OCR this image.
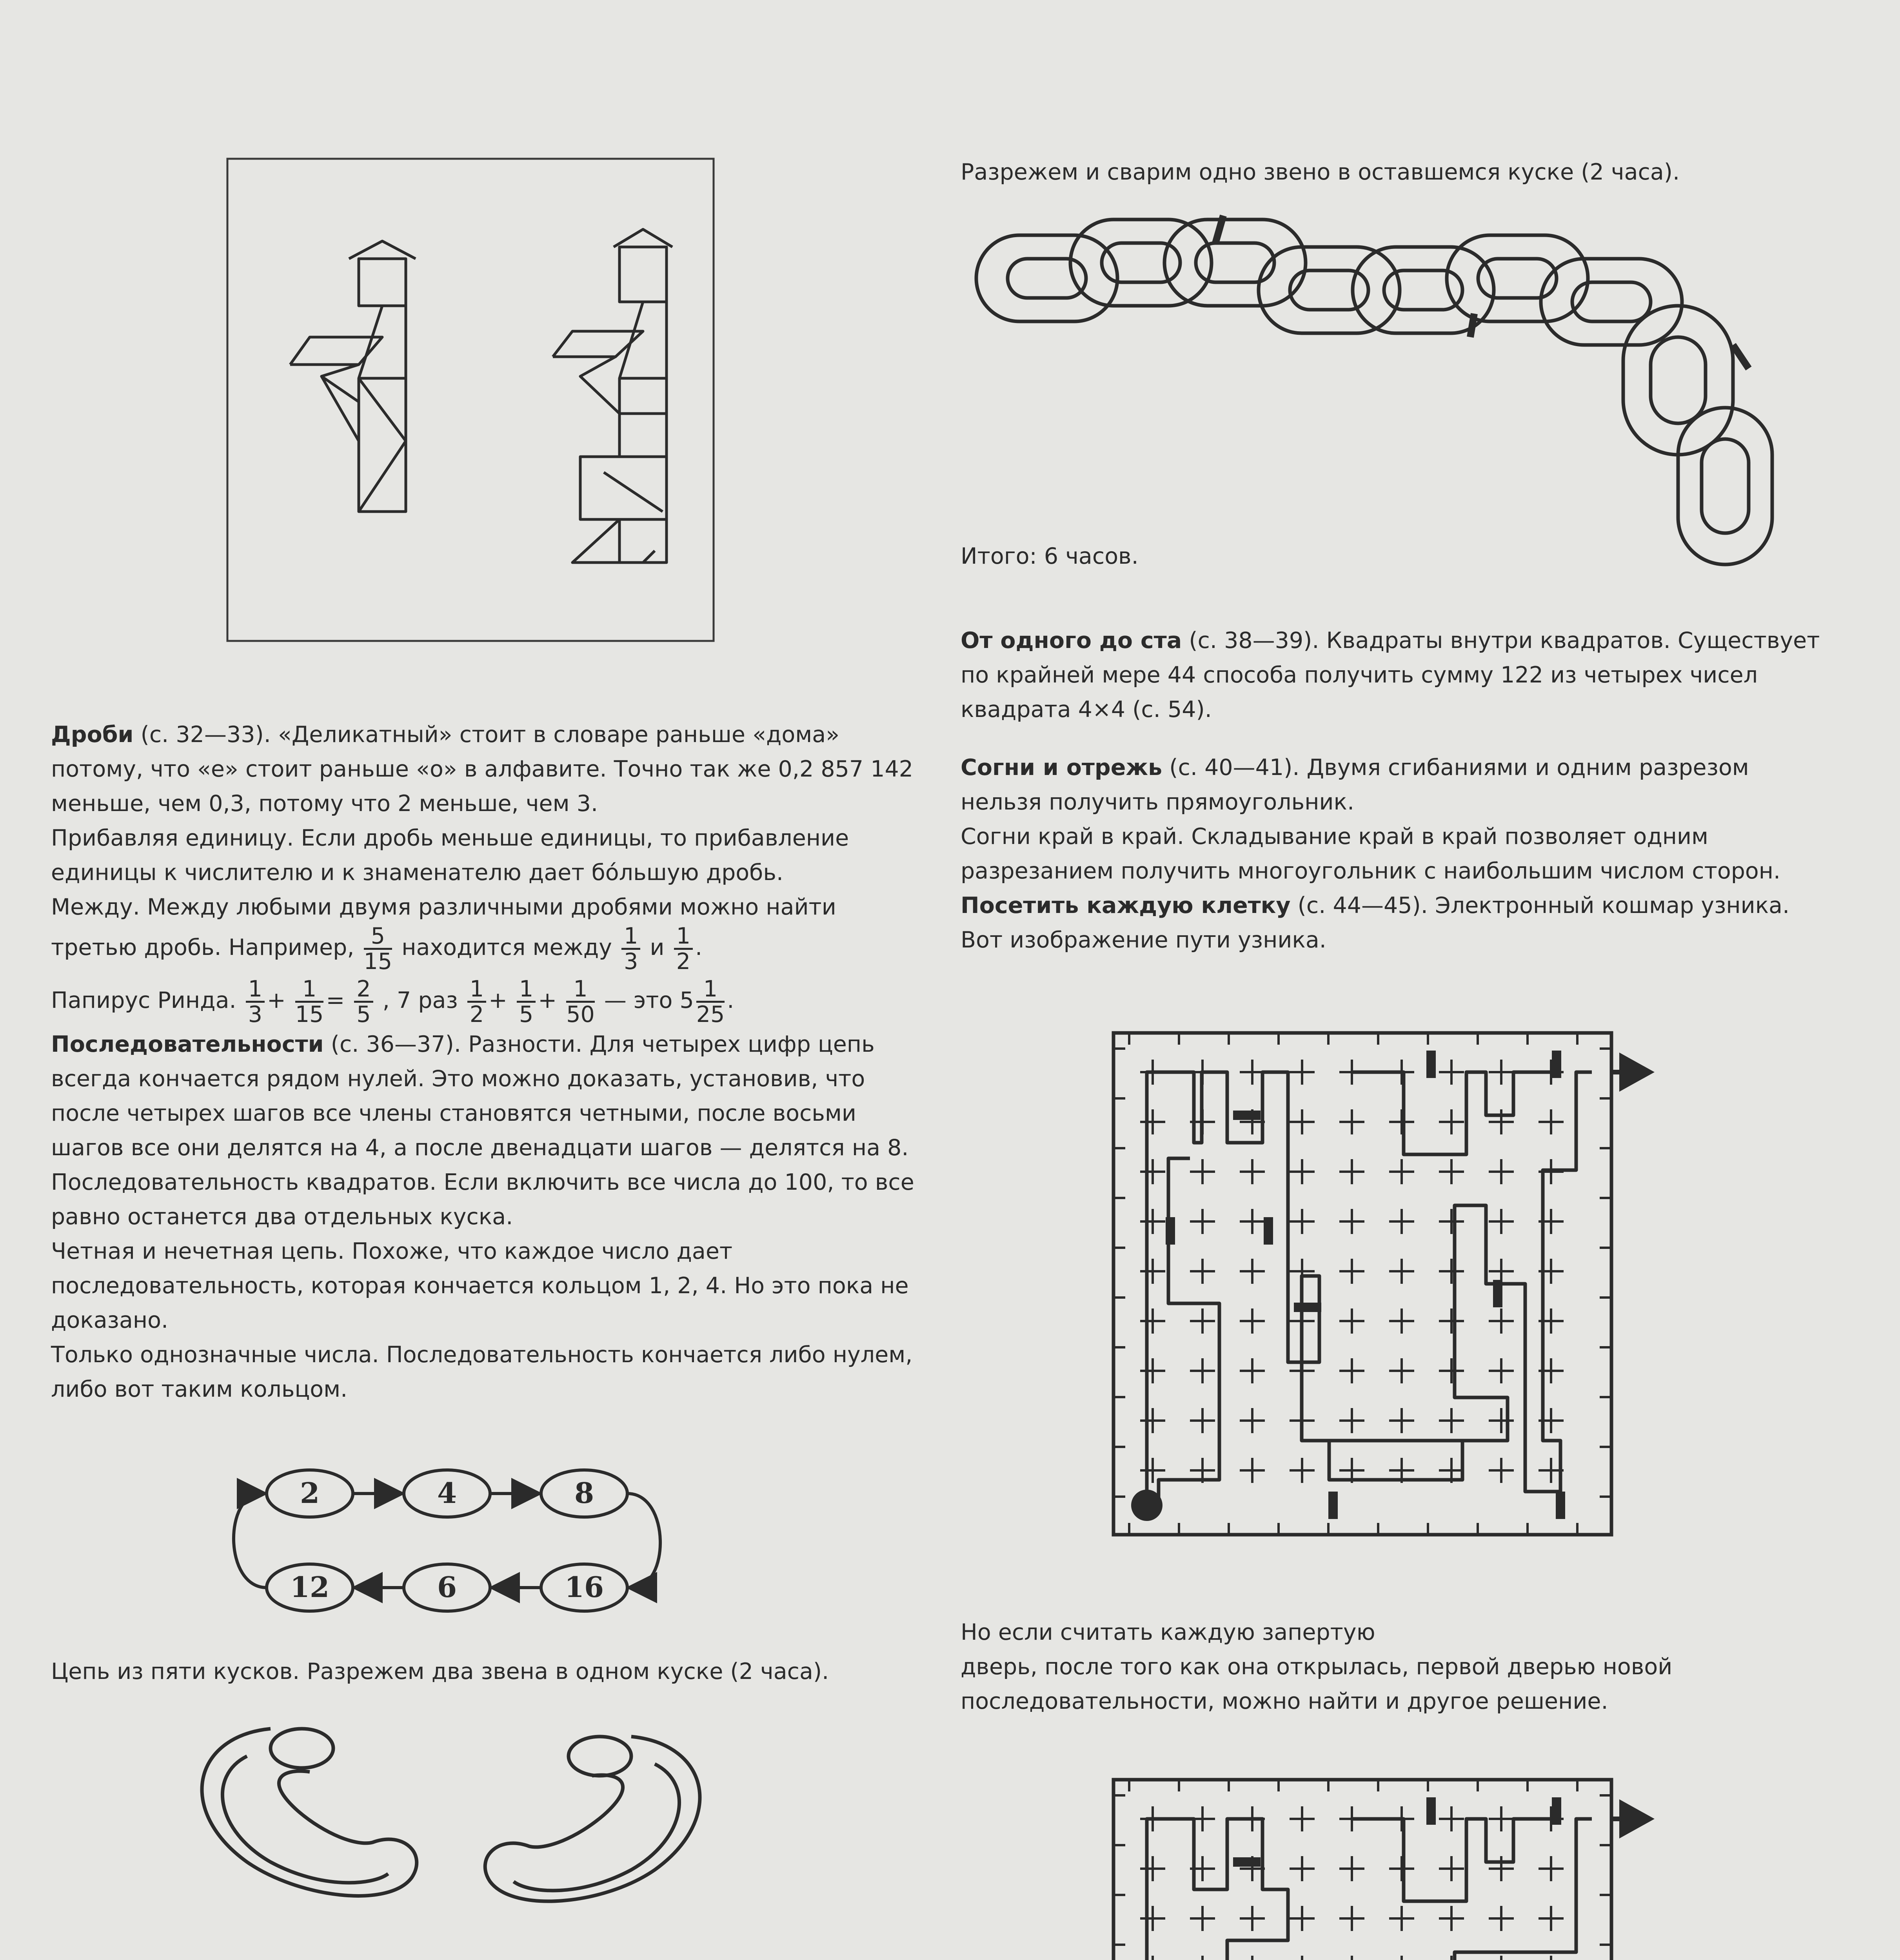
Дроби (с. 32—33). «Деликатный» стоит в словаре раньше «дома» потому, что «е» стоит раньше «о» в алфавите. Точно так же 0,2 857 142 меньше, чем 0,3, потому что 2 меньше, чем 3.

Прибавляя единицу. Если дробь меньше единицы, то прибавление единицы к числителю и к знаменателю дает бóльшую дробь.

Между. Между любыми двумя различными дробями можно найти третью дробь. Например, $\frac{5}{15}$ находится между $\frac{1}{3}$ и $\frac{1}{2}$ .

Папирус Ринда. $\frac{1}{3} + \frac{1}{15} = \frac{2}{5}$ , 7 раз $\frac{1}{2} + \frac{1}{5} + \frac{1}{50}$ — это $5 \frac{1}{25}$ .

Последовательности (с. 36—37). Разности. Для четырех цифр цепь всегда кончается рядом нулей. Это можно доказать, установив, что после четырех шагов все члены становятся четными, после восьми шагов все они делятся на 4, а после двенадцати шагов — делятся на 8.

Последовательность квадратов. Если включить все числа до 100, то все равно останется два отдельных куска.

Четная и нечетная цепь. Похоже, что каждое число дает последовательность, которая кончается кольцом 1, 2, 4. Но это пока не доказано.

Только однозначные числа. Последовательность кончается либо нулем, либо вот таким кольцом.

2	4	8
16
6
12
Цепь из пяти кусков. Разрежем два звена в одном куске (2 часа).
Разрежем и сварим одно звено в оставшемся куске (2 часа).
Итого: 6 часов.

От одного до ста (с. 38—39). Квадраты внутри квадратов. Существует по крайней мере 44 способа получить сумму 122 из четырех чисел квадрата 4×4 (с. 54).

Согни и отрежь (с. 40—41). Двумя сгибаниями и одним разрезом нельзя получить прямоугольник.

Согни край в край. Складывание край в край позволяет одним разрезанием получить многоугольник с наибольшим числом сторон.

Посетить каждую клетку (с. 44—45). Электронный кошмар узника. Вот изображение пути узника.

Но если считать каждую запертую

дверь, после того как она открылась, первой дверью новой последовательности, можно найти и другое решение.
